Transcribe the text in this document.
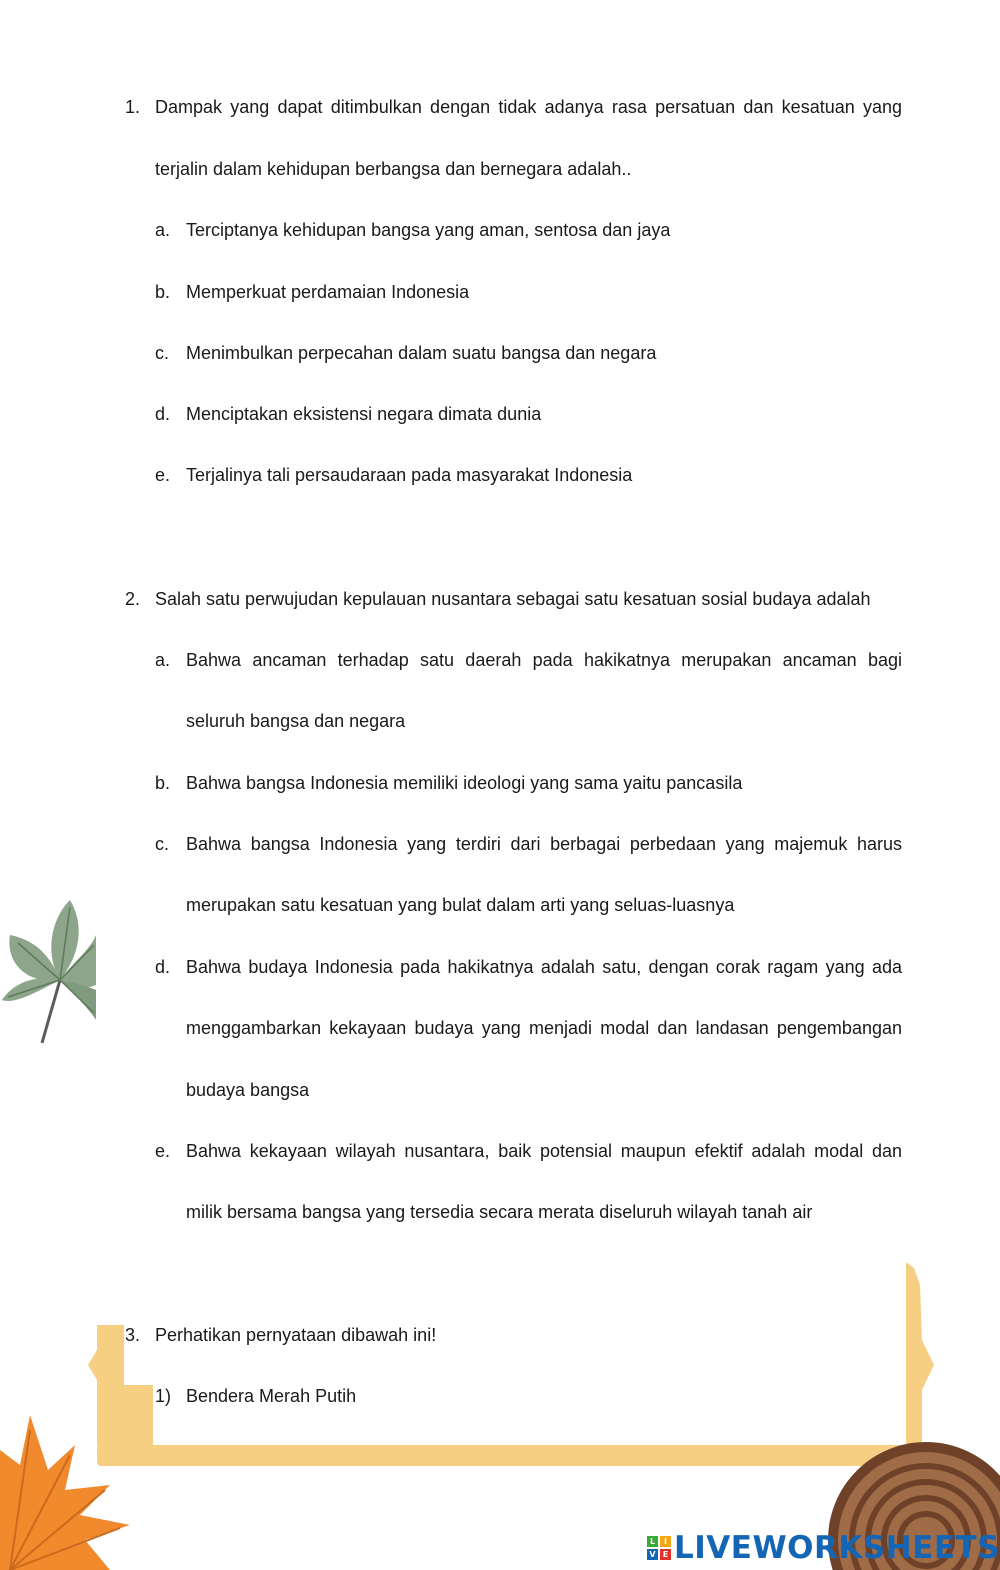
1. Dampak yang dapat ditimbulkan dengan tidak adanya rasa persatuan dan kesatuan yang
terjalin dalam kehidupan berbangsa dan bernegara adalah..
a. Terciptanya kehidupan bangsa yang aman, sentosa dan jaya
b. Memperkuat perdamaian Indonesia
c. Menimbulkan perpecahan dalam suatu bangsa dan negara
d. Menciptakan eksistensi negara dimata dunia
e. Terjalinya tali persaudaraan pada masyarakat Indonesia
2. Salah satu perwujudan kepulauan nusantara sebagai satu kesatuan sosial budaya adalah
a. Bahwa ancaman terhadap satu daerah pada hakikatnya merupakan ancaman bagi
seluruh bangsa dan negara
b. Bahwa bangsa Indonesia memiliki ideologi yang sama yaitu pancasila
c. Bahwa bangsa Indonesia yang terdiri dari berbagai perbedaan yang majemuk harus
merupakan satu kesatuan yang bulat dalam arti yang seluas-luasnya
d. Bahwa budaya Indonesia pada hakikatnya adalah satu, dengan corak ragam yang ada
menggambarkan kekayaan budaya yang menjadi modal dan landasan pengembangan
budaya bangsa
e. Bahwa kekayaan wilayah nusantara, baik potensial maupun efektif adalah modal dan
milik bersama bangsa yang tersedia secara merata diseluruh wilayah tanah air
3. Perhatikan pernyataan dibawah ini!
1) Bendera Merah Putih
L	I
V E LIVEWORKSHEETS
